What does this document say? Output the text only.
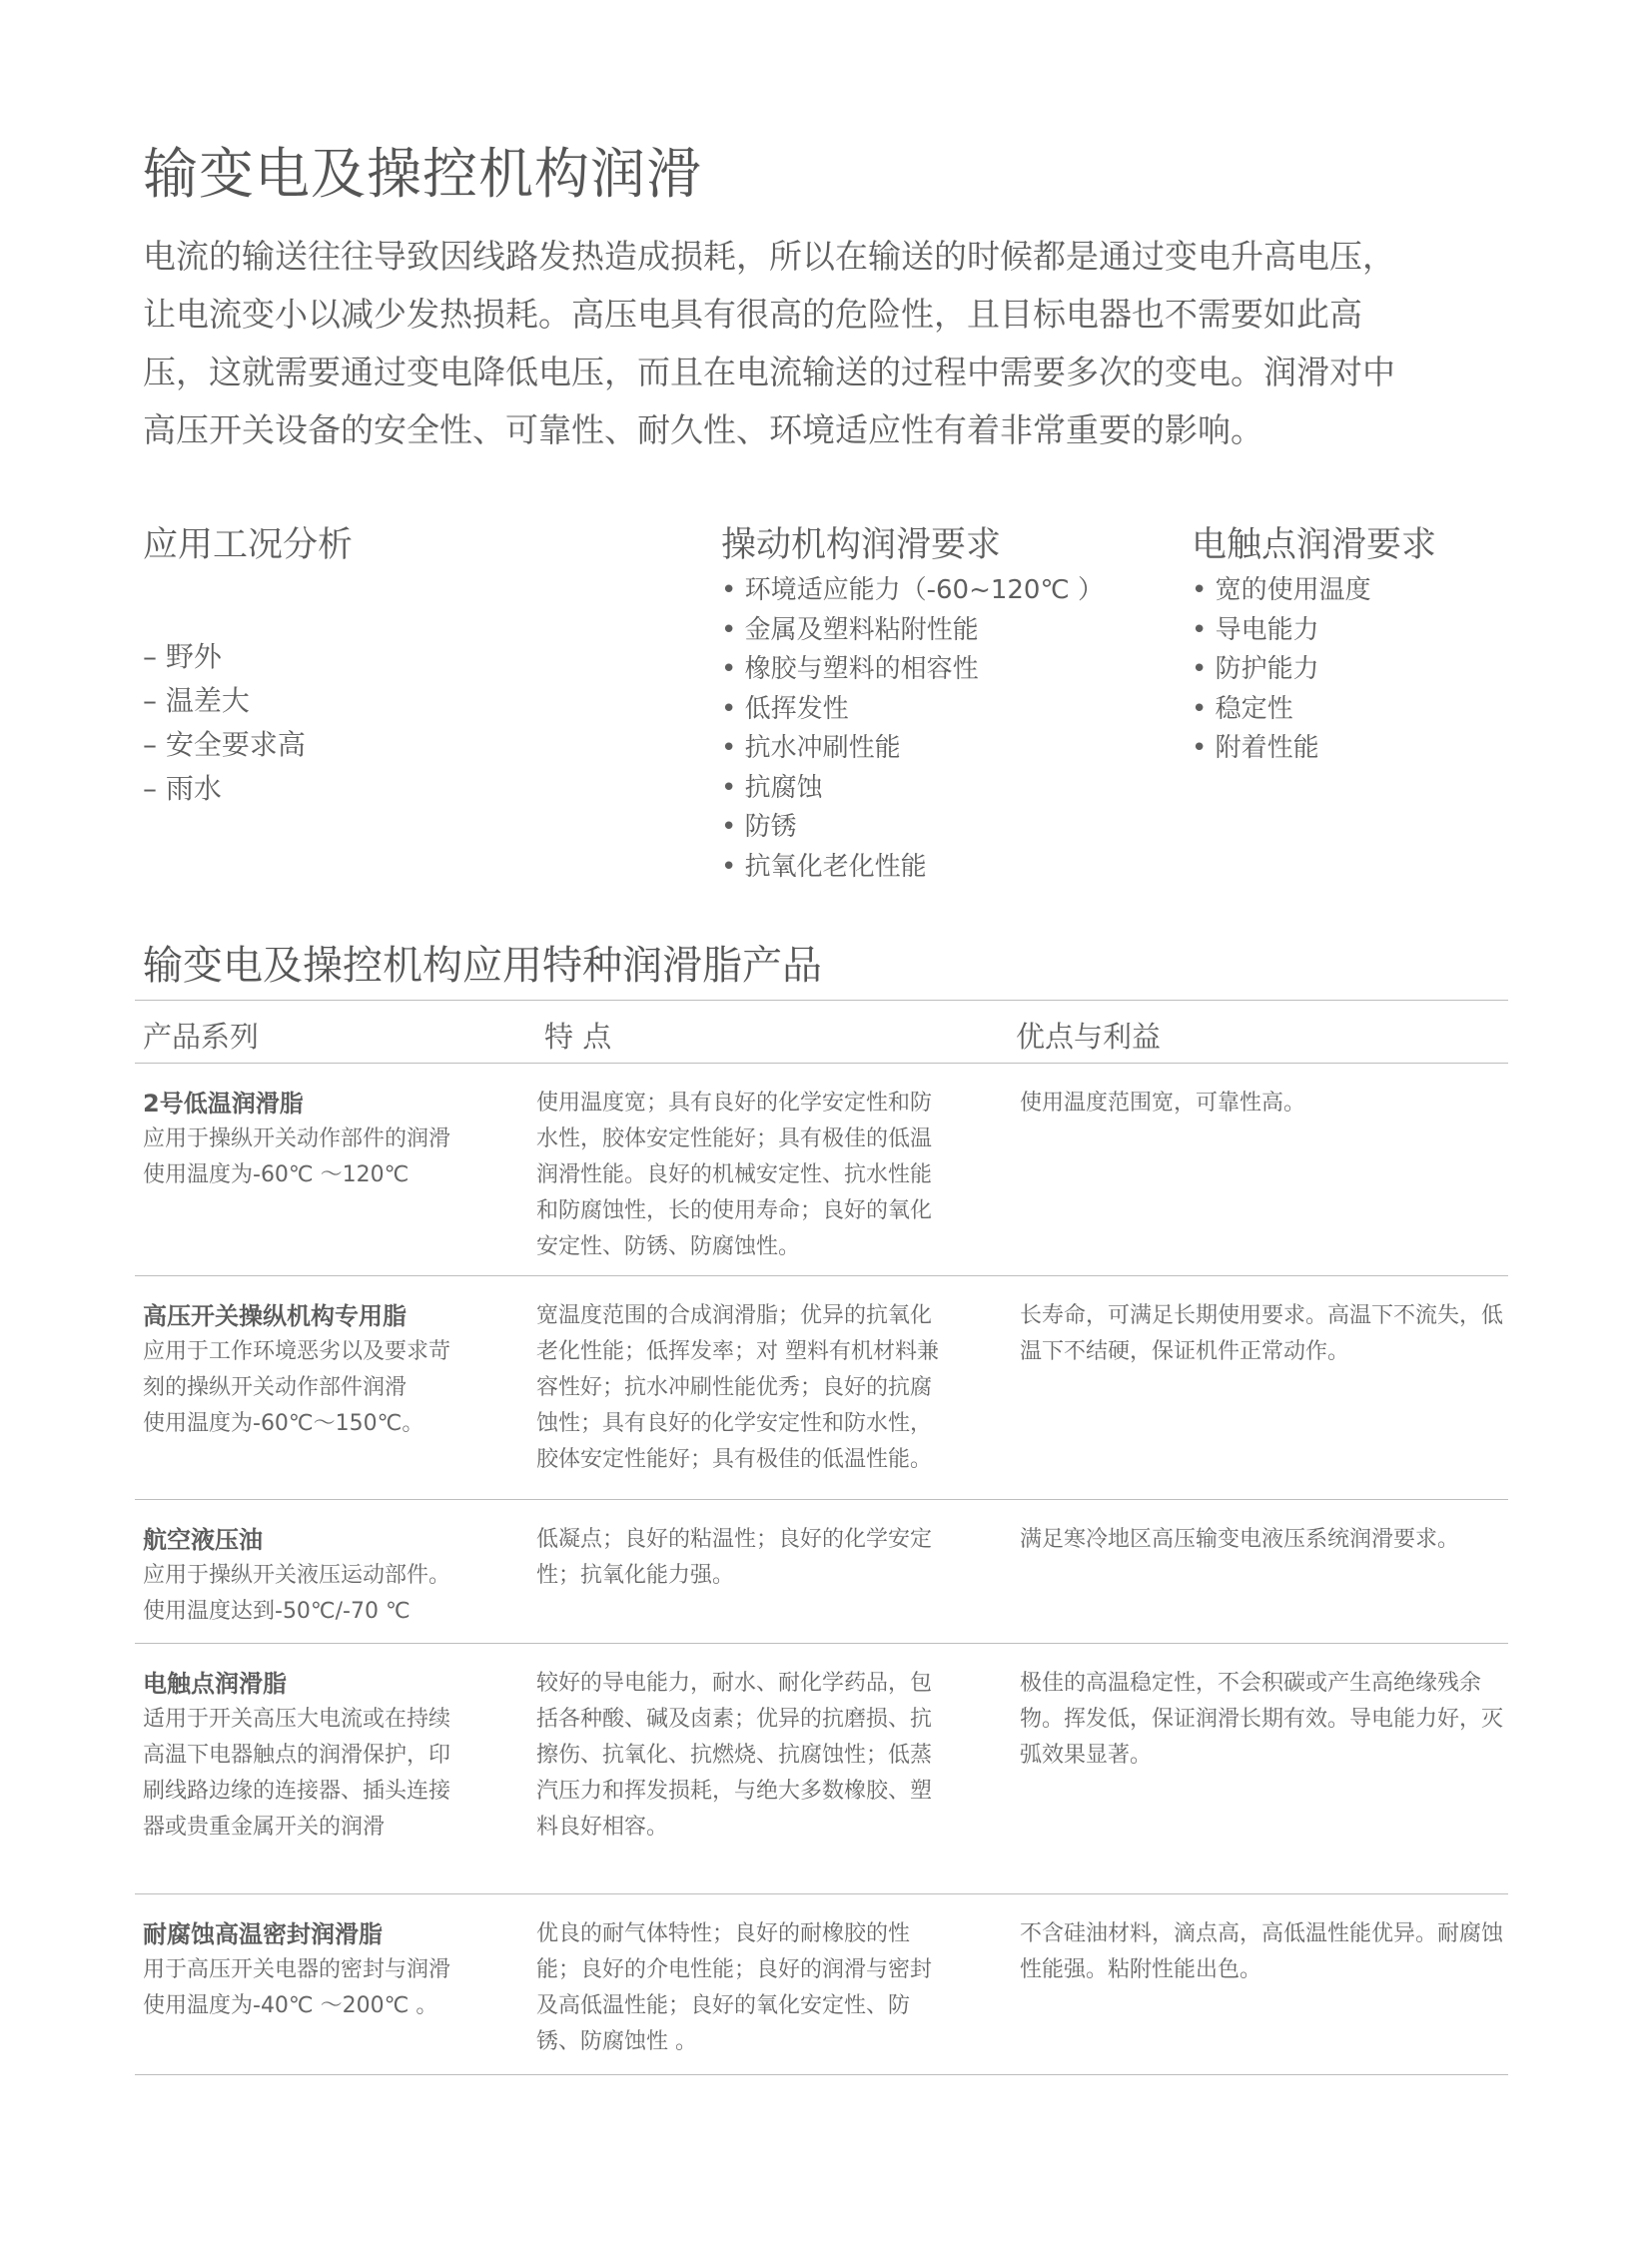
输变电及操控机构润滑

电流的输送往往导致因线路发热造成损耗，所以在输送的时候都是通过变电升高电压，
让电流变小以减少发热损耗。高压电具有很高的危险性，且目标电器也不需要如此高
压，这就需要通过变电降低电压，而且在电流输送的过程中需要多次的变电。润滑对中
高压开关设备的安全性、可靠性、耐久性、环境适应性有着非常重要的影响。

应用工况分析
– 野外
– 温差大
– 安全要求高
– 雨水
操动机构润滑要求
• 环境适应能力（-60~120℃ ）
• 金属及塑料粘附性能
• 橡胶与塑料的相容性
• 低挥发性
• 抗水冲刷性能
• 抗腐蚀
• 防锈
• 抗氧化老化性能
电触点润滑要求
• 宽的使用温度
• 导电能力
• 防护能力
• 稳定性
• 附着性能
输变电及操控机构应用特种润滑脂产品
产品系列	特 点	优点与利益
2号低温润滑脂
应用于操纵开关动作部件的润滑
使用温度为-60℃ ～120℃
使用温度宽；具有良好的化学安定性和防
水性，胶体安定性能好；具有极佳的低温
润滑性能。良好的机械安定性、抗水性能
和防腐蚀性，长的使用寿命；良好的氧化
安定性、防锈、防腐蚀性。
使用温度范围宽，可靠性高。
高压开关操纵机构专用脂
应用于工作环境恶劣以及要求苛
刻的操纵开关动作部件润滑
使用温度为-60℃～150℃。
宽温度范围的合成润滑脂；优异的抗氧化
老化性能；低挥发率；对 塑料有机材料兼
容性好；抗水冲刷性能优秀；良好的抗腐
蚀性；具有良好的化学安定性和防水性，
胶体安定性能好；具有极佳的低温性能。
长寿命，可满足长期使用要求。高温下不流失，低
温下不结硬，保证机件正常动作。
航空液压油
应用于操纵开关液压运动部件。
使用温度达到-50℃/-70 ℃
低凝点；良好的粘温性；良好的化学安定
性；抗氧化能力强。
满足寒冷地区高压输变电液压系统润滑要求。
电触点润滑脂
适用于开关高压大电流或在持续
高温下电器触点的润滑保护，印
刷线路边缘的连接器、插头连接
器或贵重金属开关的润滑
较好的导电能力，耐水、耐化学药品，包
括各种酸、碱及卤素；优异的抗磨损、抗
擦伤、抗氧化、抗燃烧、抗腐蚀性；低蒸
汽压力和挥发损耗，与绝大多数橡胶、塑
料良好相容。
极佳的高温稳定性，不会积碳或产生高绝缘残余
物。挥发低，保证润滑长期有效。导电能力好，灭
弧效果显著。
耐腐蚀高温密封润滑脂
用于高压开关电器的密封与润滑
使用温度为-40℃ ～200℃ 。
优良的耐气体特性；良好的耐橡胶的性
能；良好的介电性能；良好的润滑与密封
及高低温性能；良好的氧化安定性、防
锈、防腐蚀性 。
不含硅油材料，滴点高，高低温性能优异。耐腐蚀
性能强。粘附性能出色。
